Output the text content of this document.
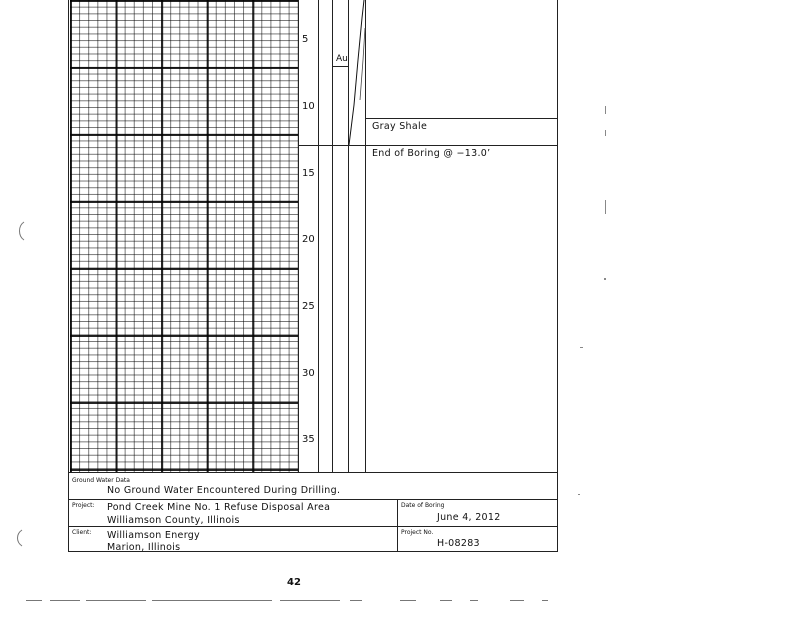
5
10
15
20
25
30
35
Au
Gray Shale
End of Boring @ −13.0’
Ground Water Data
No Ground Water Encountered During Drilling.
Project: Pond Creek Mine No. 1 Refuse Disposal Area
Williamson County, Illinois
Date of Boring
June 4, 2012
Client: Williamson Energy
Marion, Illinois
Project No.
H-08283
42
